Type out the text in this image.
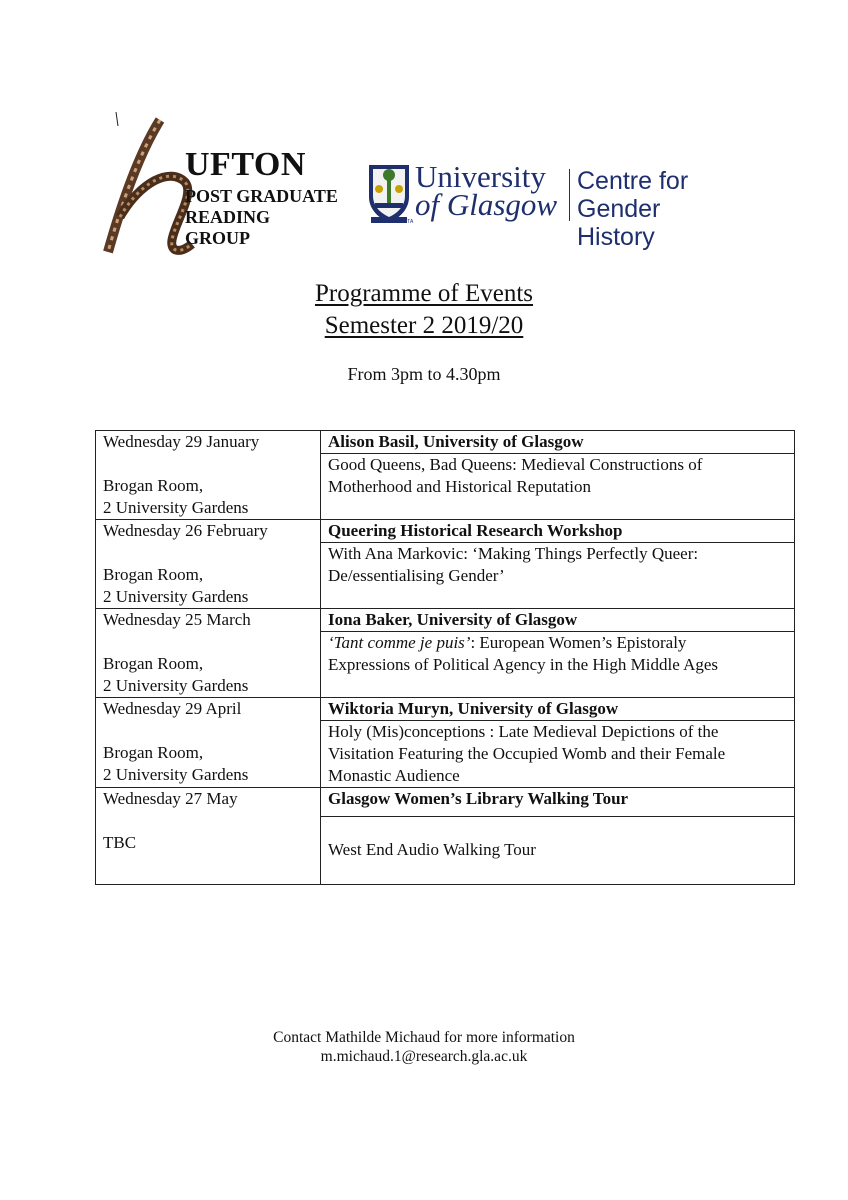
UFTON
POST GRADUATE
READING
GROUP
VIA VERITAS VITA
University
of Glasgow
Centre for
Gender History
Programme of Events
Semester 2 2019/20
From 3pm to 4.30pm
Wednesday 29 January
Brogan Room,
2 University Gardens	Alison Basil, University of Glasgow

	Good Queens, Bad Queens: Medieval Constructions of
Motherhood and Historical Reputation

Wednesday 26 February
Brogan Room,
2 University Gardens	Queering Historical Research Workshop

	With Ana Markovic: ‘Making Things Perfectly Queer:
De/essentialising Gender’

Wednesday 25 March
Brogan Room,
2 University Gardens	Iona Baker, University of Glasgow

	‘Tant comme je puis’: European Women’s Epistoraly
Expressions of Political Agency in the High Middle Ages

Wednesday 29 April
Brogan Room,
2 University Gardens	Wiktoria Muryn, University of Glasgow

	Holy (Mis)conceptions : Late Medieval Depictions of the
Visitation Featuring the Occupied Womb and their Female
Monastic Audience

Wednesday 27 May
TBC	Glasgow Women’s Library Walking Tour

	West End Audio Walking Tour
Contact Mathilde Michaud for more information
m.michaud.1@research.gla.ac.uk
